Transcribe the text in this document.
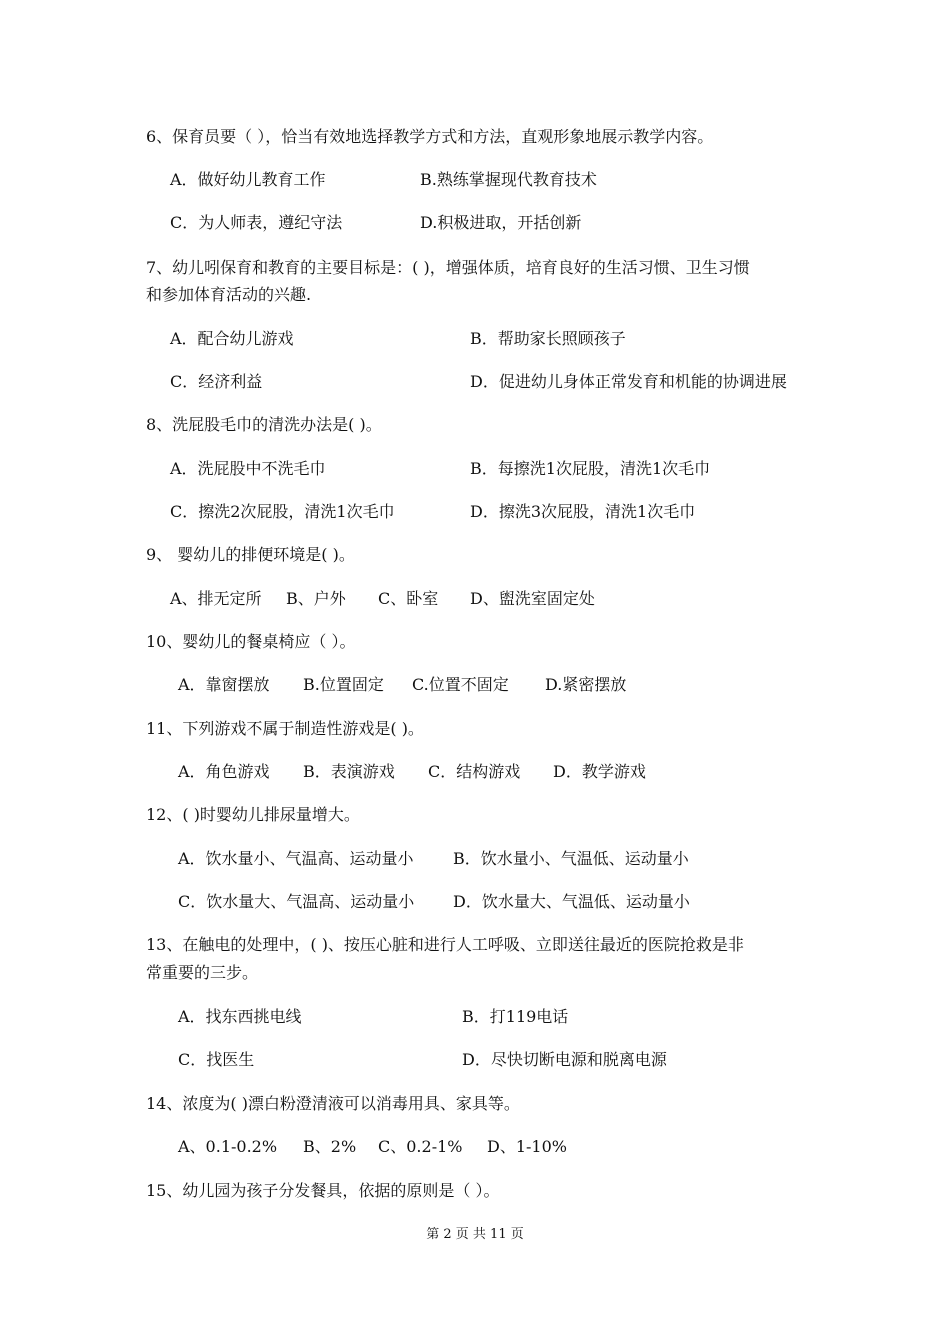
6、保育员要（ ），恰当有效地选择教学方式和方法，直观形象地展示教学内容。
A．做好幼儿教育工作	B.熟练掌握现代教育技术
C．为人师表，遵纪守法	D.积极进取，开括创新
7、幼儿吲保育和教育的主要目标是：( )，增强体质，培育良好的生活习惯、卫生习惯
和参加体育活动的兴趣.
A．配合幼儿游戏	B．帮助家长照顾孩子
C．经济利益	D．促进幼儿身体正常发育和机能的协调进展
8、洗屁股毛巾的清洗办法是( )。
A．洗屁股中不洗毛巾	B．每擦洗1次屁股，清洗1次毛巾
C．擦洗2次屁股，清洗1次毛巾	D．擦洗3次屁股，清洗1次毛巾
9、 婴幼儿的排便环境是( )。
A、排无定所 B、户外 C、卧室 D、盥洗室固定处
10、婴幼儿的餐桌椅应（ ）。
A．靠窗摆放 B.位置固定 C.位置不固定 D.紧密摆放
11、下列游戏不属于制造性游戏是( )。
A．角色游戏 B．表演游戏 C．结构游戏 D．教学游戏
12、( )时婴幼儿排尿量增大。
A．饮水量小、气温高、运动量小 B．饮水量小、气温低、运动量小
C．饮水量大、气温高、运动量小 D．饮水量大、气温低、运动量小
13、在触电的处理中，( )、按压心脏和进行人工呼吸、立即送往最近的医院抢救是非
常重要的三步。
A．找东西挑电线	B．打119电话
C．找医生	D．尽快切断电源和脱离电源
14、浓度为( )漂白粉澄清液可以消毒用具、家具等。
A、0.1-0.2% B、2% C、0.2-1% D、1-10%
15、幼儿园为孩子分发餐具，依据的原则是（ ）。
第 2 页 共 11 页
